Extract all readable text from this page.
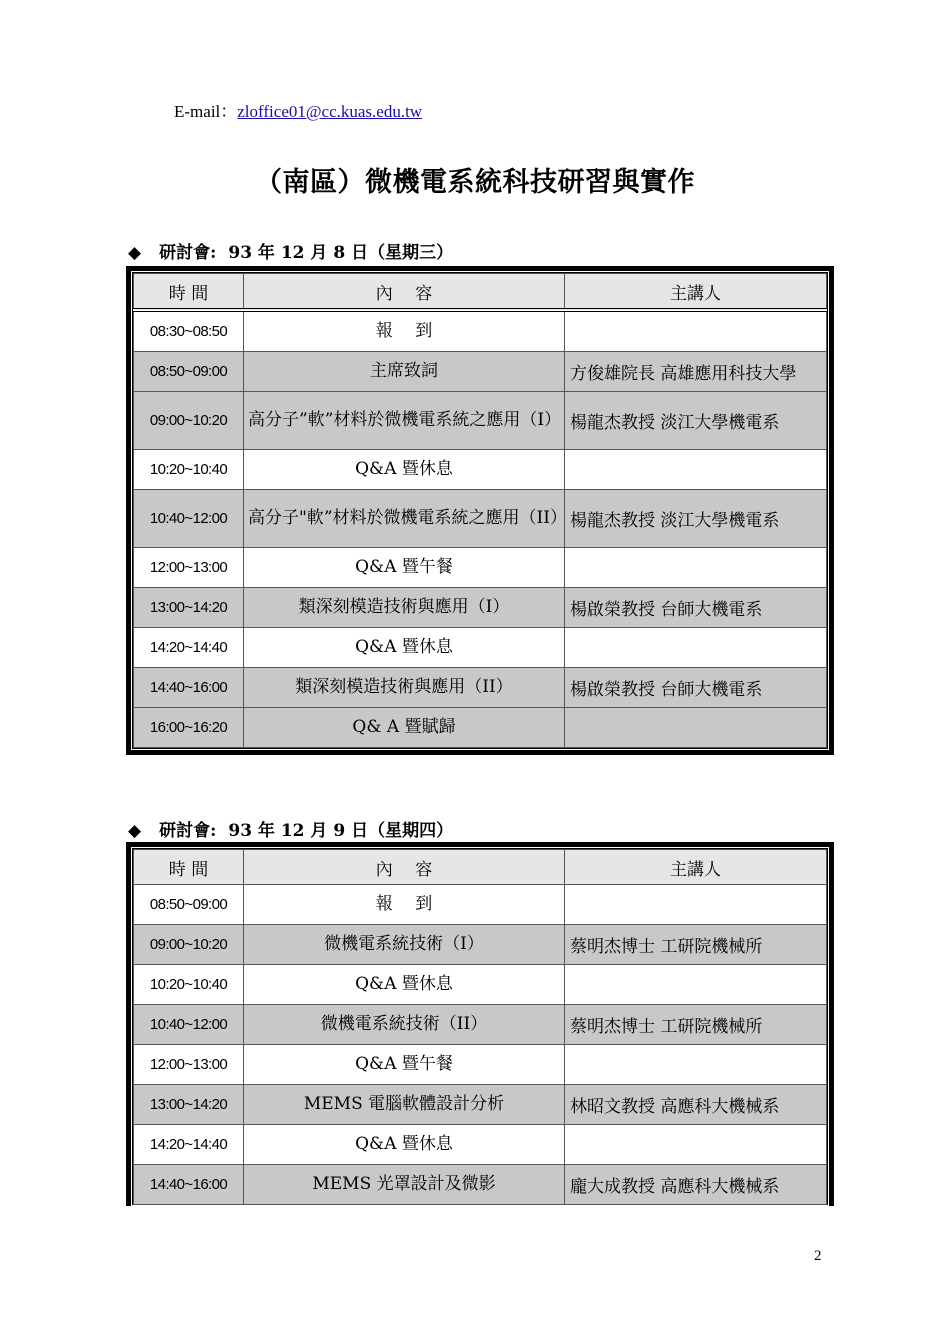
E-mail：zloffice01@cc.kuas.edu.tw
（南區）微機電系統科技研習與實作
◆ 研討會: 93 年 12 月 8 日（星期三）
時 間	內　 容	主講人
08:30~08:50	報　 到	
08:50~09:00	主席致詞	方俊雄院長 高雄應用科技大學
09:00~10:20	高分子”軟”材料於微機電系統之應用（I）	楊龍杰教授 淡江大學機電系
10:20~10:40	Q&A 暨休息	
10:40~12:00	高分子"軟”材料於微機電系統之應用（II）	楊龍杰教授 淡江大學機電系
12:00~13:00	Q&A 暨午餐	
13:00~14:20	類深刻模造技術與應用（I）	楊啟榮教授 台師大機電系
14:20~14:40	Q&A 暨休息	
14:40~16:00	類深刻模造技術與應用（II）	楊啟榮教授 台師大機電系
16:00~16:20	Q& A 暨賦歸	
◆ 研討會: 93 年 12 月 9 日（星期四）
時 間	內　 容	主講人
08:50~09:00	報　 到	
09:00~10:20	微機電系統技術（I）	蔡明杰博士 工研院機械所
10:20~10:40	Q&A 暨休息	
10:40~12:00	微機電系統技術（II）	蔡明杰博士 工研院機械所
12:00~13:00	Q&A 暨午餐	
13:00~14:20	MEMS 電腦軟體設計分析	林昭文教授 高應科大機械系
14:20~14:40	Q&A 暨休息	
14:40~16:00	MEMS 光罩設計及微影	龐大成教授 高應科大機械系
2
